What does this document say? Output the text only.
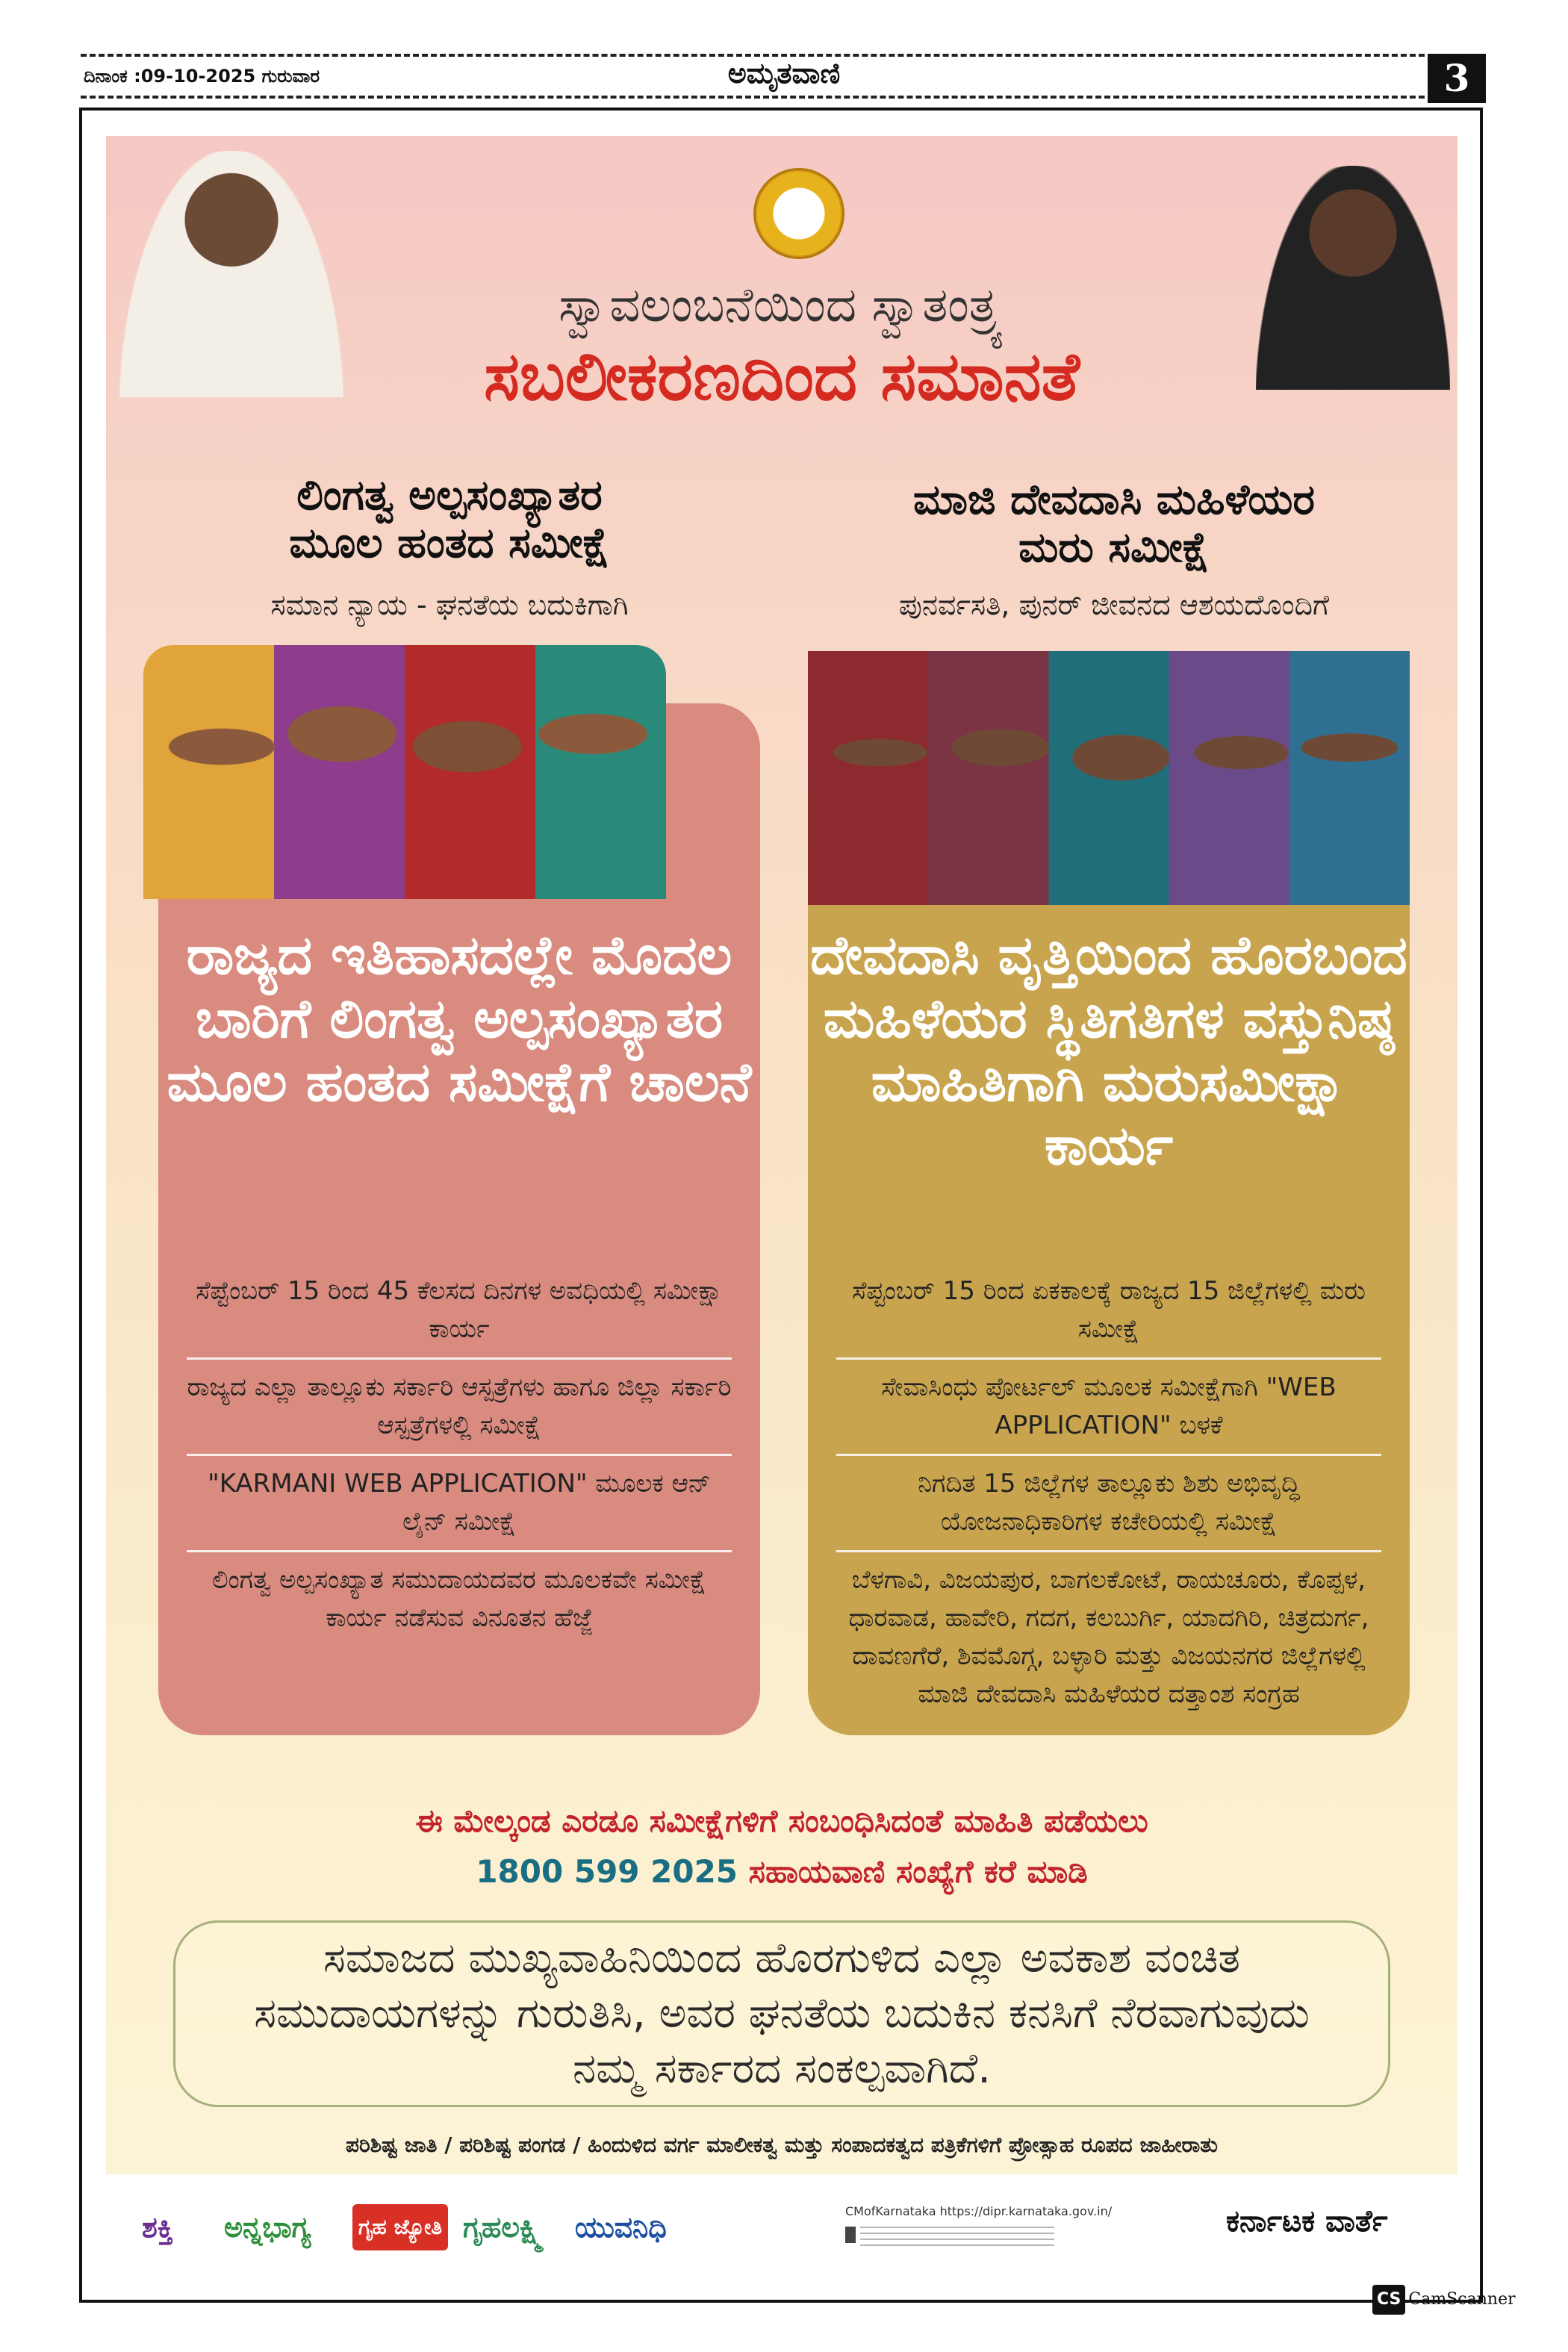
ದಿನಾಂಕ :09-10-2025 ಗುರುವಾರ	ಅಮೃತವಾಣಿ	3
ಸ್ವಾವಲಂಬನೆಯಿಂದ ಸ್ವಾತಂತ್ರ್ಯ
ಸಬಲೀಕರಣದಿಂದ ಸಮಾನತೆ
ಲಿಂಗತ್ವ ಅಲ್ಪಸಂಖ್ಯಾತರ
ಮೂಲ ಹಂತದ ಸಮೀಕ್ಷೆ
ಸಮಾನ ನ್ಯಾಯ - ಘನತೆಯ ಬದುಕಿಗಾಗಿ
ಮಾಜಿ ದೇವದಾಸಿ ಮಹಿಳೆಯರ
ಮರು ಸಮೀಕ್ಷೆ
ಪುನರ್ವಸತಿ, ಪುನರ್ ಜೀವನದ ಆಶಯದೊಂದಿಗೆ
ರಾಜ್ಯದ ಇತಿಹಾಸದಲ್ಲೇ ಮೊದಲ ಬಾರಿಗೆ ಲಿಂಗತ್ವ ಅಲ್ಪಸಂಖ್ಯಾತರ ಮೂಲ ಹಂತದ ಸಮೀಕ್ಷೆಗೆ ಚಾಲನೆ
ದೇವದಾಸಿ ವೃತ್ತಿಯಿಂದ ಹೊರಬಂದ ಮಹಿಳೆಯರ ಸ್ಥಿತಿಗತಿಗಳ ವಸ್ತುನಿಷ್ಠ ಮಾಹಿತಿಗಾಗಿ ಮರುಸಮೀಕ್ಷಾ ಕಾರ್ಯ
ಸೆಪ್ಟೆಂಬರ್ 15 ರಿಂದ 45 ಕೆಲಸದ ದಿನಗಳ ಅವಧಿಯಲ್ಲಿ ಸಮೀಕ್ಷಾ ಕಾರ್ಯ
ರಾಜ್ಯದ ಎಲ್ಲಾ ತಾಲ್ಲೂಕು ಸರ್ಕಾರಿ ಆಸ್ಪತ್ರೆಗಳು ಹಾಗೂ ಜಿಲ್ಲಾ ಸರ್ಕಾರಿ ಆಸ್ಪತ್ರೆಗಳಲ್ಲಿ ಸಮೀಕ್ಷೆ
"KARMANI WEB APPLICATION" ಮೂಲಕ ಆನ್ ಲೈನ್ ಸಮೀಕ್ಷೆ
ಲಿಂಗತ್ವ ಅಲ್ಪಸಂಖ್ಯಾತ ಸಮುದಾಯದವರ ಮೂಲಕವೇ ಸಮೀಕ್ಷೆ ಕಾರ್ಯ ನಡೆಸುವ ವಿನೂತನ ಹೆಜ್ಜೆ
ಸೆಪ್ಟಂಬರ್ 15 ರಿಂದ ಏಕಕಾಲಕ್ಕೆ ರಾಜ್ಯದ 15 ಜಿಲ್ಲೆಗಳಲ್ಲಿ ಮರು ಸಮೀಕ್ಷೆ
ಸೇವಾಸಿಂಧು ಪೋರ್ಟಲ್ ಮೂಲಕ ಸಮೀಕ್ಷೆಗಾಗಿ "WEB APPLICATION" ಬಳಕೆ
ನಿಗದಿತ 15 ಜಿಲ್ಲೆಗಳ ತಾಲ್ಲೂಕು ಶಿಶು ಅಭಿವೃದ್ಧಿ ಯೋಜನಾಧಿಕಾರಿಗಳ ಕಚೇರಿಯಲ್ಲಿ ಸಮೀಕ್ಷೆ
ಬೆಳಗಾವಿ, ವಿಜಯಪುರ, ಬಾಗಲಕೋಟೆ, ರಾಯಚೂರು, ಕೊಪ್ಪಳ, ಧಾರವಾಡ, ಹಾವೇರಿ, ಗದಗ, ಕಲಬುರ್ಗಿ, ಯಾದಗಿರಿ, ಚಿತ್ರದುರ್ಗ, ದಾವಣಗೆರೆ, ಶಿವಮೊಗ್ಗ, ಬಳ್ಳಾರಿ ಮತ್ತು ವಿಜಯನಗರ ಜಿಲ್ಲೆಗಳಲ್ಲಿ ಮಾಜಿ ದೇವದಾಸಿ ಮಹಿಳೆಯರ ದತ್ತಾಂಶ ಸಂಗ್ರಹ
ಈ ಮೇಲ್ಕಂಡ ಎರಡೂ ಸಮೀಕ್ಷೆಗಳಿಗೆ ಸಂಬಂಧಿಸಿದಂತೆ ಮಾಹಿತಿ ಪಡೆಯಲು
1800 599 2025 ಸಹಾಯವಾಣಿ ಸಂಖ್ಯೆಗೆ ಕರೆ ಮಾಡಿ
ಸಮಾಜದ ಮುಖ್ಯವಾಹಿನಿಯಿಂದ ಹೊರಗುಳಿದ ಎಲ್ಲಾ ಅವಕಾಶ ವಂಚಿತ ಸಮುದಾಯಗಳನ್ನು ಗುರುತಿಸಿ, ಅವರ ಘನತೆಯ ಬದುಕಿನ ಕನಸಿಗೆ ನೆರವಾಗುವುದು ನಮ್ಮ ಸರ್ಕಾರದ ಸಂಕಲ್ಪವಾಗಿದೆ.
ಪರಿಶಿಷ್ಟ ಜಾತಿ / ಪರಿಶಿಷ್ಟ ಪಂಗಡ / ಹಿಂದುಳಿದ ವರ್ಗ ಮಾಲೀಕತ್ವ ಮತ್ತು ಸಂಪಾದಕತ್ವದ ಪತ್ರಿಕೆಗಳಿಗೆ ಪ್ರೋತ್ಸಾಹ ರೂಪದ ಜಾಹೀರಾತು
ಶಕ್ತಿ ಅನ್ನಭಾಗ್ಯ ಗೃಹ ಜ್ಯೋತಿ ಗೃಹಲಕ್ಷ್ಮಿ ಯುವನಿಧಿ	CMofKarnataka https://dipr.karnataka.gov.in/	ಕರ್ನಾಟಕ ವಾರ್ತೆ
CS CamScanner
